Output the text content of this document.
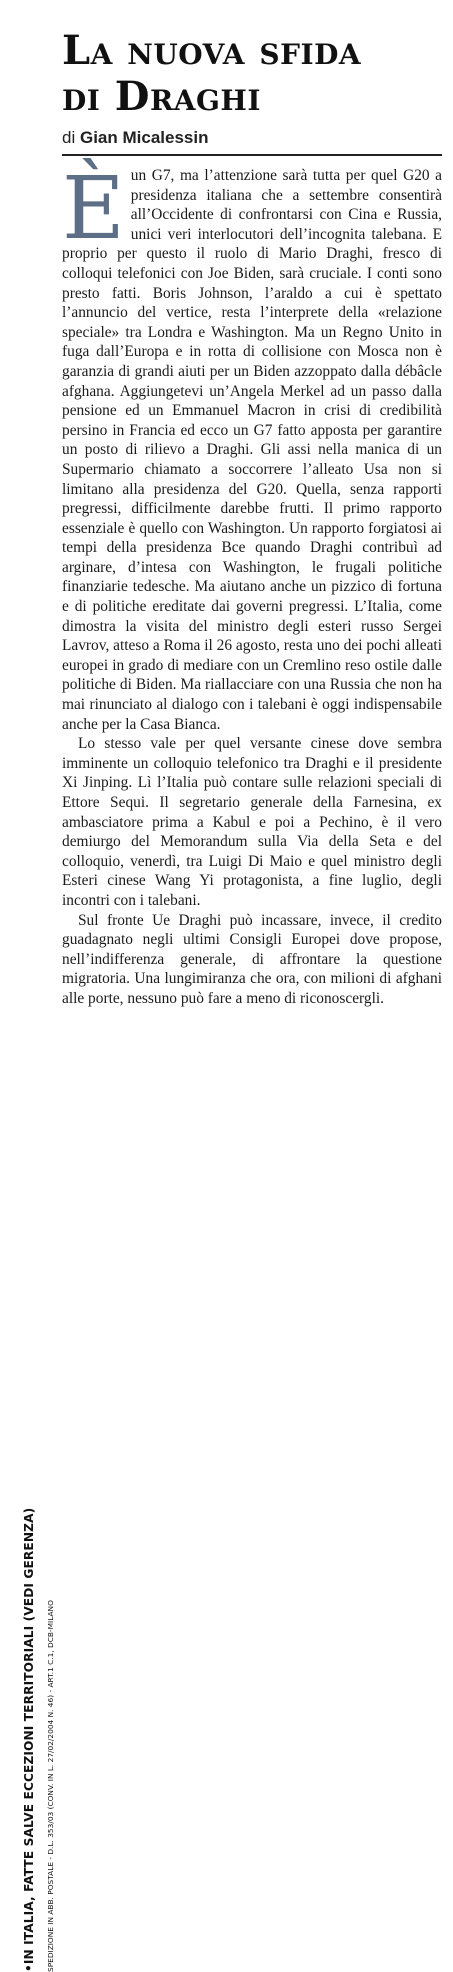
•IN ITALIA, FATTE SALVE ECCEZIONI TERRITORIALI (VEDI GERENZA) SPEDIZIONE IN ABB. POSTALE - D.L. 353/03 (CONV. IN L. 27/02/2004 N. 46) - ART.1 C.1, DCB-MILANO
La nuova sfida
di Draghi
di Gian Micalessin

Èun G7, ma l’attenzione sarà tutta per quel G20 a presidenza italiana che a settembre consentirà all’Occidente di confrontarsi con Cina e Russia, unici veri interlocutori dell’incognita talebana. E proprio per questo il ruolo di Mario Draghi, fresco di colloqui telefonici con Joe Biden, sarà cruciale. I conti sono presto fatti. Boris Johnson, l’araldo a cui è spettato l’annuncio del vertice, resta l’interprete della «relazione speciale» tra Londra e Washington. Ma un Regno Unito in fuga dall’Europa e in rotta di collisione con Mosca non è garanzia di grandi aiuti per un Biden azzoppato dalla débâcle afghana. Aggiungetevi un’Angela Merkel ad un passo dalla pensione ed un Emmanuel Macron in crisi di credibilità persino in Francia ed ecco un G7 fatto apposta per garantire un posto di rilievo a Draghi. Gli assi nella manica di un Supermario chiamato a soccorrere l’alleato Usa non si limitano alla presidenza del G20. Quella, senza rapporti pregressi, difficilmente darebbe frutti. Il primo rapporto essenziale è quello con Washington. Un rapporto forgiatosi ai tempi della presidenza Bce quando Draghi contribuì ad arginare, d’intesa con Washington, le frugali politiche finanziarie tedesche. Ma aiutano anche un pizzico di fortuna e di politiche ereditate dai governi pregressi. L’Italia, come dimostra la visita del ministro degli esteri russo Sergei Lavrov, atteso a Roma il 26 agosto, resta uno dei pochi alleati europei in grado di mediare con un Cremlino reso ostile dalle politiche di Biden. Ma riallacciare con una Russia che non ha mai rinunciato al dialogo con i talebani è oggi indispensabile anche per la Casa Bianca.

Lo stesso vale per quel versante cinese dove sembra imminente un colloquio telefonico tra Draghi e il presidente Xi Jinping. Lì l’Italia può contare sulle relazioni speciali di Ettore Sequi. Il segretario generale della Farnesina, ex ambasciatore prima a Kabul e poi a Pechino, è il vero demiurgo del Memorandum sulla Via della Seta e del colloquio, venerdì, tra Luigi Di Maio e quel ministro degli Esteri cinese Wang Yi protagonista, a fine luglio, degli incontri con i talebani.

Sul fronte Ue Draghi può incassare, invece, il credito guadagnato negli ultimi Consigli Europei dove propose, nell’indifferenza generale, di affrontare la questione migratoria. Una lungimiranza che ora, con milioni di afghani alle porte, nessuno può fare a meno di riconoscergli.
